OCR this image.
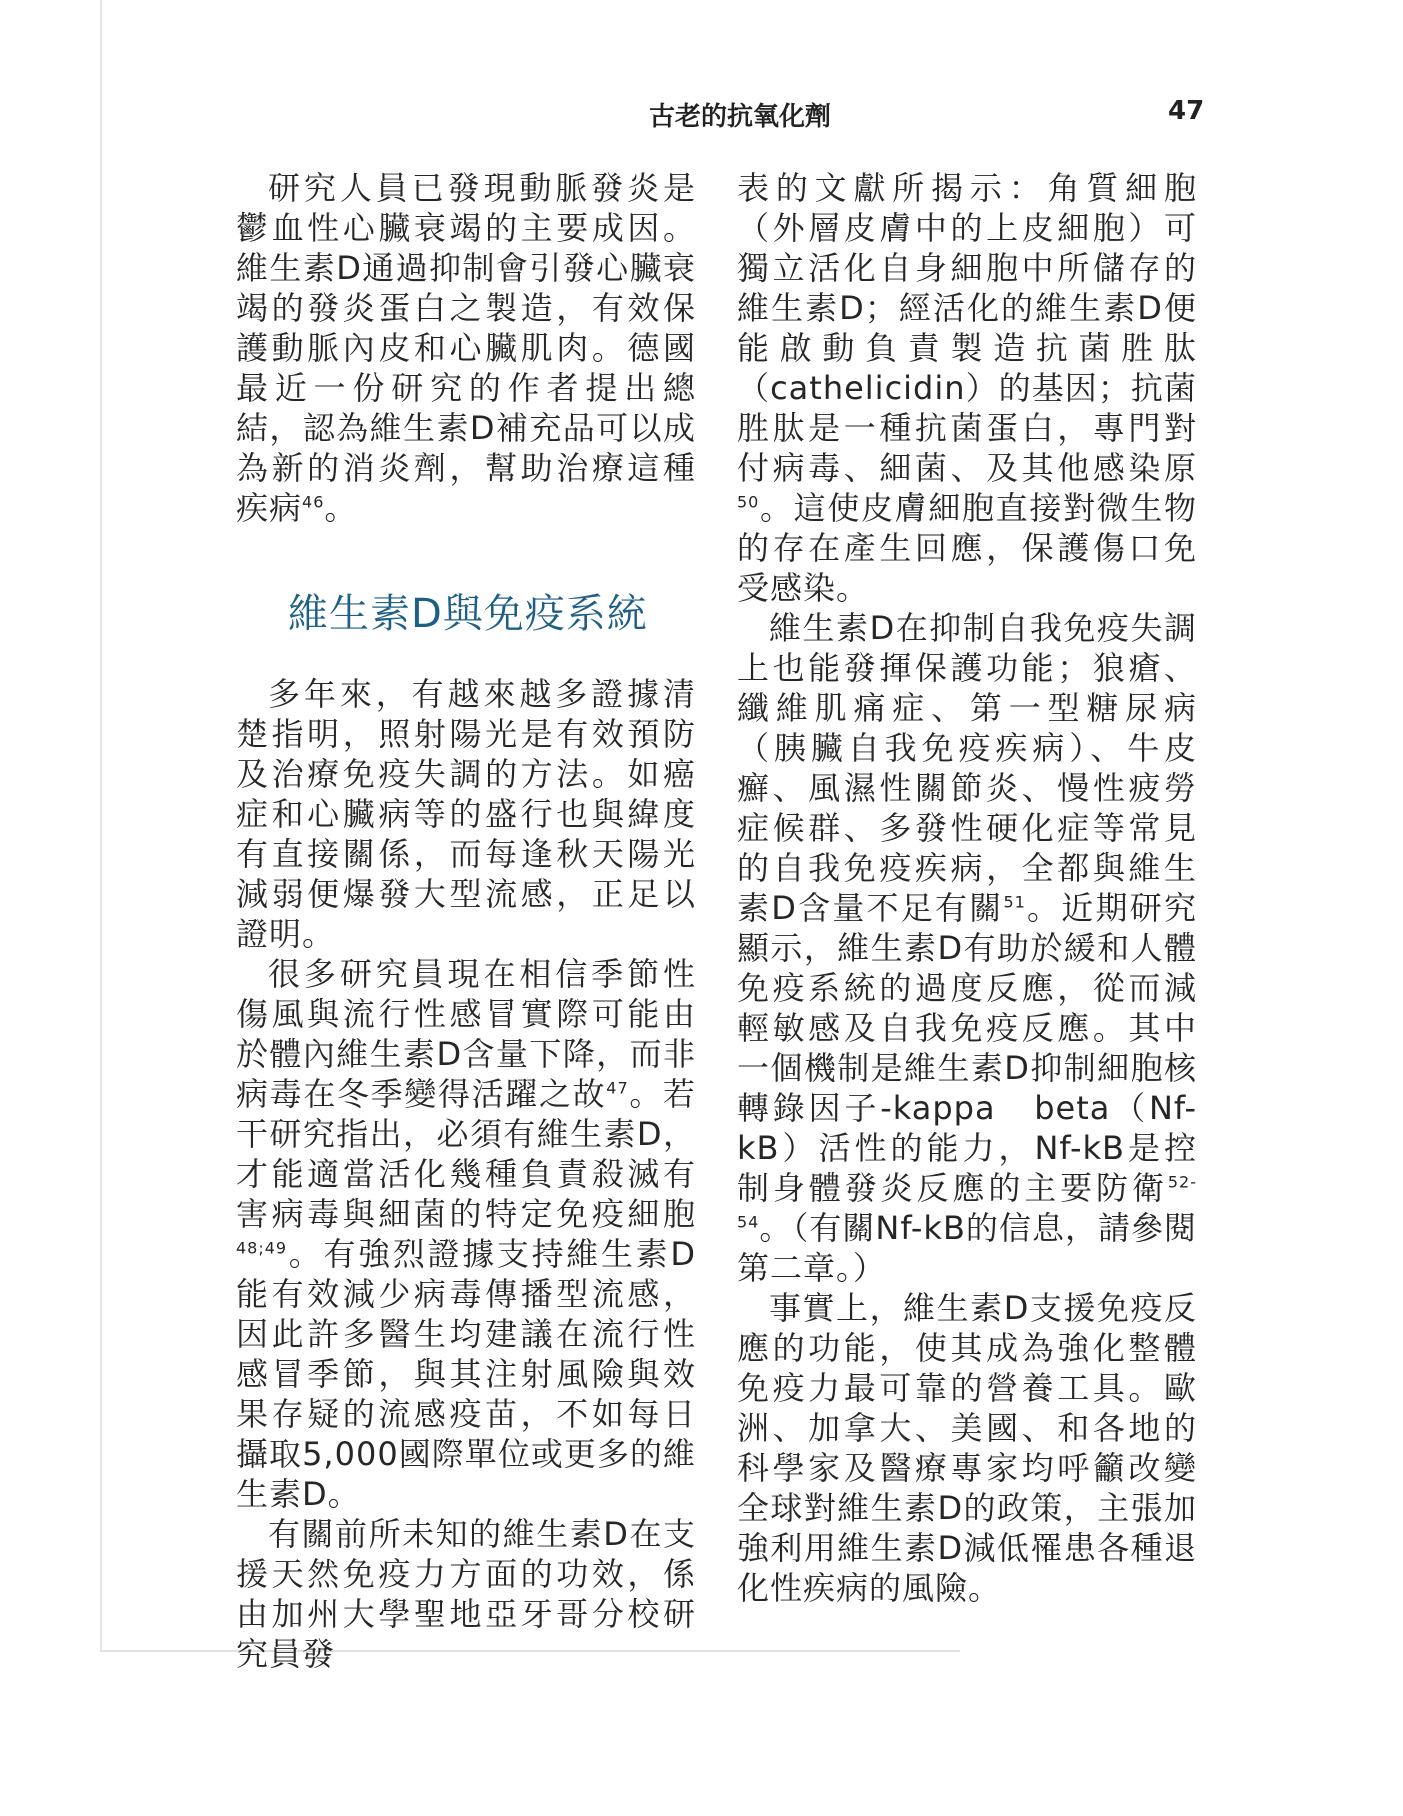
古老的抗氧化劑	47

研究人員已發現動脈發炎是鬱血性心臟衰竭的主要成因。維生素D通過抑制會引發心臟衰竭的發炎蛋白之製造，有效保護動脈內皮和心臟肌肉。德國最近一份研究的作者提出總結，認為維生素D補充品可以成為新的消炎劑，幫助治療這種疾病$^{46}$。

維生素D與免疫系統

多年來，有越來越多證據清楚指明，照射陽光是有效預防及治療免疫失調的方法。如癌症和心臟病等的盛行也與緯度有直接關係，而每逢秋天陽光減弱便爆發大型流感，正足以證明。

很多研究員現在相信季節性傷風與流行性感冒實際可能由於體內維生素D含量下降，而非病毒在冬季變得活躍之故$^{47}$。若干研究指出，必須有維生素D，才能適當活化幾種負責殺滅有害病毒與細菌的特定免疫細胞$^{48;49}$。有強烈證據支持維生素D能有效減少病毒傳播型流感，因此許多醫生均建議在流行性感冒季節，與其注射風險與效果存疑的流感疫苗，不如每日攝取5,000國際單位或更多的維生素D。

有關前所未知的維生素D在支援天然免疫力方面的功效，係由加州大學聖地亞牙哥分校研究員發

表的文獻所揭示：角質細胞（外層皮膚中的上皮細胞）可獨立活化自身細胞中所儲存的維生素D；經活化的維生素D便能啟動負責製造抗菌胜肽（cathelicidin）的基因；抗菌胜肽是一種抗菌蛋白，專門對付病毒、細菌、及其他感染原$^{50}$。這使皮膚細胞直接對微生物的存在產生回應，保護傷口免受感染。

維生素D在抑制自我免疫失調上也能發揮保護功能；狼瘡、纖維肌痛症、第一型糖尿病（胰臟自我免疫疾病）、牛皮癬、風濕性關節炎、慢性疲勞症候群、多發性硬化症等常見的自我免疫疾病，全都與維生素D含量不足有關$^{51}$。近期研究顯示，維生素D有助於緩和人體免疫系統的過度反應，從而減輕敏感及自我免疫反應。其中一個機制是維生素D抑制細胞核轉錄因子-kappa　beta（Nf-kB）活性的能力，Nf-kB是控制身體發炎反應的主要防衛$^{52-54}$。（有關Nf-kB的信息，請參閱第二章。）

事實上，維生素D支援免疫反應的功能，使其成為強化整體免疫力最可靠的營養工具。歐洲、加拿大、美國、和各地的科學家及醫療專家均呼籲改變全球對維生素D的政策，主張加強利用維生素D減低罹患各種退化性疾病的風險。
